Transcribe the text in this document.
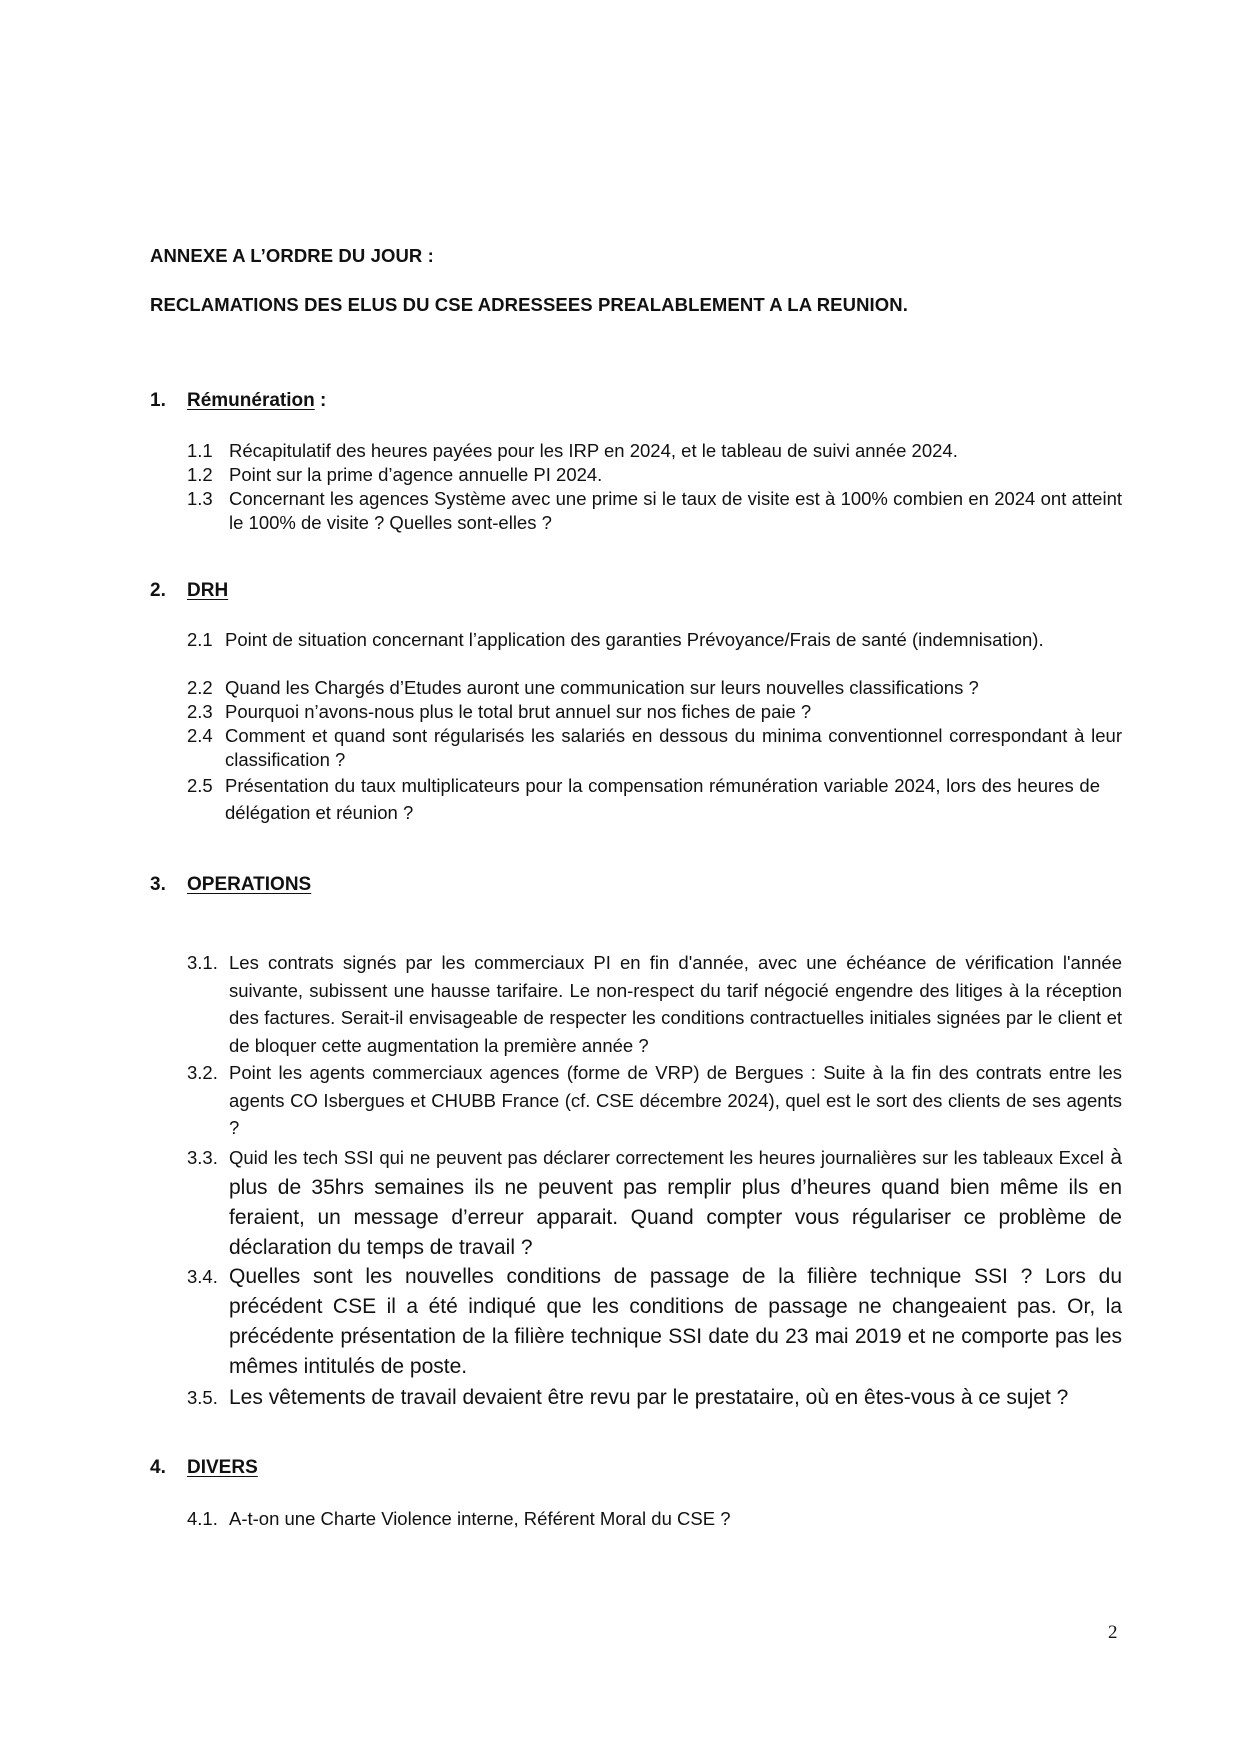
ANNEXE A L’ORDRE DU JOUR :
RECLAMATIONS DES ELUS DU CSE ADRESSEES PREALABLEMENT A LA REUNION.
1. Rémunération :
1.1 Récapitulatif des heures payées pour les IRP en 2024, et le tableau de suivi année 2024.
1.2 Point sur la prime d’agence annuelle PI 2024.
1.3 Concernant les agences Système avec une prime si le taux de visite est à 100% combien en 2024 ont atteint le 100% de visite ? Quelles sont-elles ?
2. DRH
2.1 Point de situation concernant l’application des garanties Prévoyance/Frais de santé (indemnisation).
2.2 Quand les Chargés d’Etudes auront une communication sur leurs nouvelles classifications ?
2.3 Pourquoi n’avons-nous plus le total brut annuel sur nos fiches de paie ?
2.4 Comment et quand sont régularisés les salariés en dessous du minima conventionnel correspondant à leur classification ?
2.5 Présentation du taux multiplicateurs pour la compensation rémunération variable 2024, lors des heures de délégation et réunion ?
3. OPERATIONS
3.1. Les contrats signés par les commerciaux PI en fin d'année, avec une échéance de vérification l'année suivante, subissent une hausse tarifaire. Le non-respect du tarif négocié engendre des litiges à la réception des factures. Serait-il envisageable de respecter les conditions contractuelles initiales signées par le client et de bloquer cette augmentation la première année ?
3.2. Point les agents commerciaux agences (forme de VRP) de Bergues : Suite à la fin des contrats entre les agents CO Isbergues et CHUBB France (cf. CSE décembre 2024), quel est le sort des clients de ses agents ?
3.3. Quid les tech SSI qui ne peuvent pas déclarer correctement les heures journalières sur les tableaux Excel à plus de 35hrs semaines ils ne peuvent pas remplir plus d’heures quand bien même ils en feraient, un message d’erreur apparait. Quand compter vous régulariser ce problème de déclaration du temps de travail ?
3.4. Quelles sont les nouvelles conditions de passage de la filière technique SSI ? Lors du précédent CSE il a été indiqué que les conditions de passage ne changeaient pas. Or, la précédente présentation de la filière technique SSI date du 23 mai 2019 et ne comporte pas les mêmes intitulés de poste.
3.5. Les vêtements de travail devaient être revu par le prestataire, où en êtes-vous à ce sujet ?
4. DIVERS
4.1. A-t-on une Charte Violence interne, Référent Moral du CSE ?
2
